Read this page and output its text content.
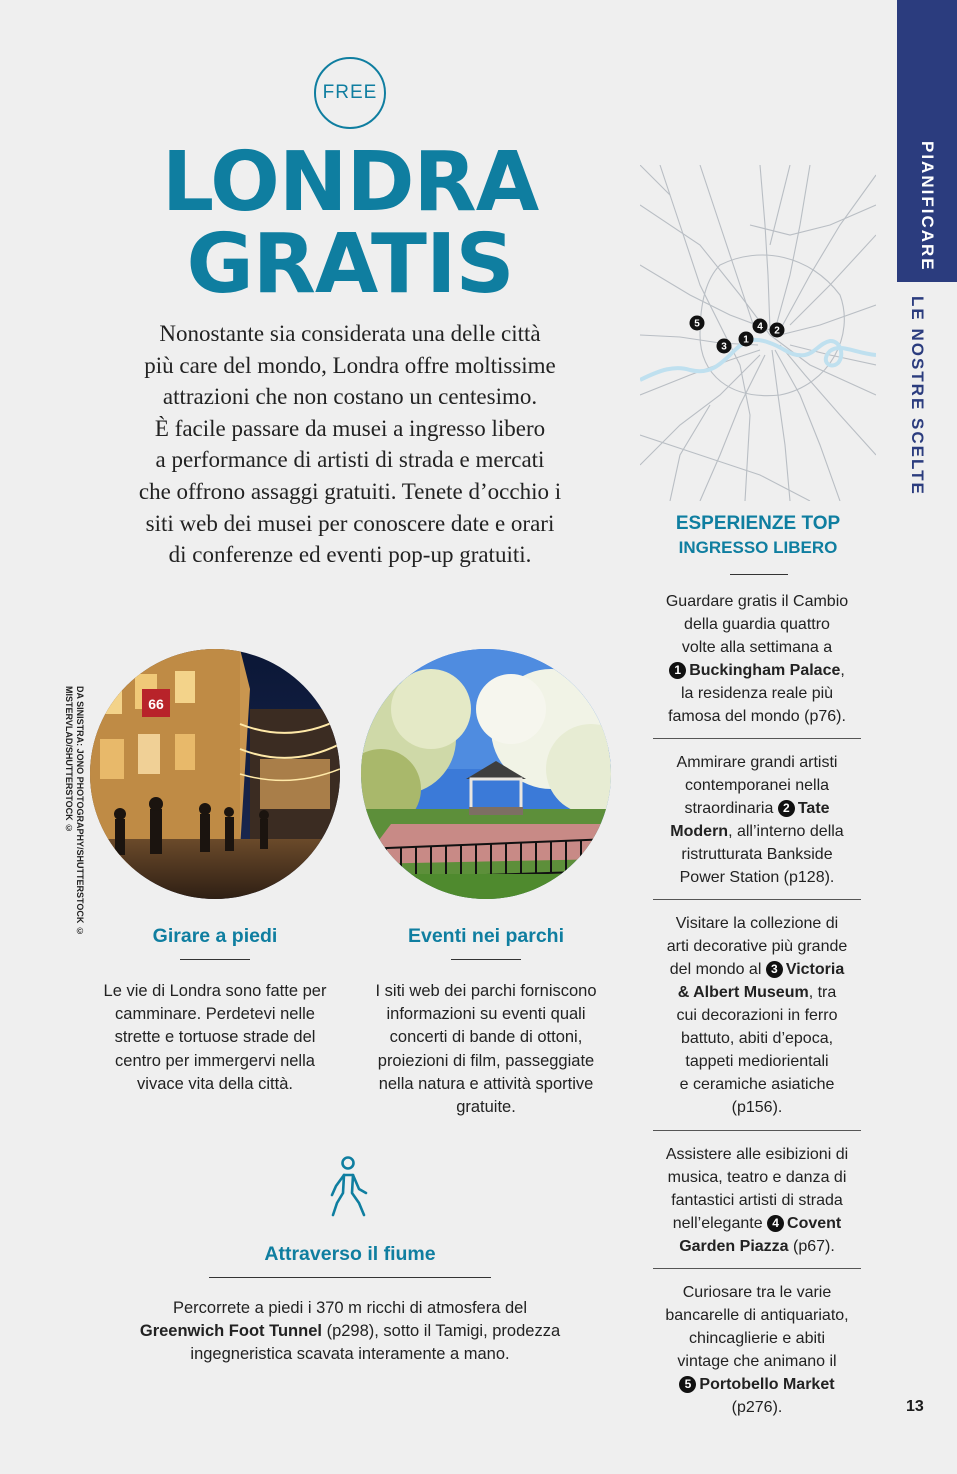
PIANIFICARE
LE NOSTRE SCELTE
FREE
LONDRA
GRATIS
Nonostante sia considerata una delle città
più care del mondo, Londra offre moltissime
attrazioni che non costano un centesimo.
È facile passare da musei a ingresso libero
a performance di artisti di strada e mercati
che offrono assaggi gratuiti. Tenete d’occhio i
siti web dei musei per conoscere date e orari
di conferenze ed eventi pop-up gratuiti.
DA SINISTRA: JONO PHOTOGRAPHY/SHUTTERSTOCK ©
MISTERVLAD/SHUTTERSTOCK ©	66
Girare a piedi
Le vie di Londra sono fatte per
camminare. Perdetevi nelle
strette e tortuose strade del
centro per immergervi nella
vivace vita della città.
Eventi nei parchi
I siti web dei parchi forniscono
informazioni su eventi quali
concerti di bande di ottoni,
proiezioni di film, passeggiate
nella natura e attività sportive
gratuite.
Attraverso il fiume
Percorrete a piedi i 370 m ricchi di atmosfera del
Greenwich Foot Tunnel (p298), sotto il Tamigi, prodezza
ingegneristica scavata interamente a mano.
5
3
1
4 2
ESPERIENZE TOP
INGRESSO LIBERO
Guardare gratis il Cambio
della guardia quattro
volte alla settimana a
1 Buckingham Palace,
la residenza reale più
famosa del mondo (p76).
Ammirare grandi artisti
contemporanei nella
straordinaria 2 Tate
Modern, all’interno della
ristrutturata Bankside
Power Station (p128).
Visitare la collezione di
arti decorative più grande
del mondo al 3 Victoria
& Albert Museum, tra
cui decorazioni in ferro
battuto, abiti d’epoca,
tappeti mediorientali
e ceramiche asiatiche
(p156).
Assistere alle esibizioni di
musica, teatro e danza di
fantastici artisti di strada
nell’elegante 4 Covent
Garden Piazza (p67).
Curiosare tra le varie
bancarelle di antiquariato,
chincaglierie e abiti
vintage che animano il
5 Portobello Market
(p276).	13
